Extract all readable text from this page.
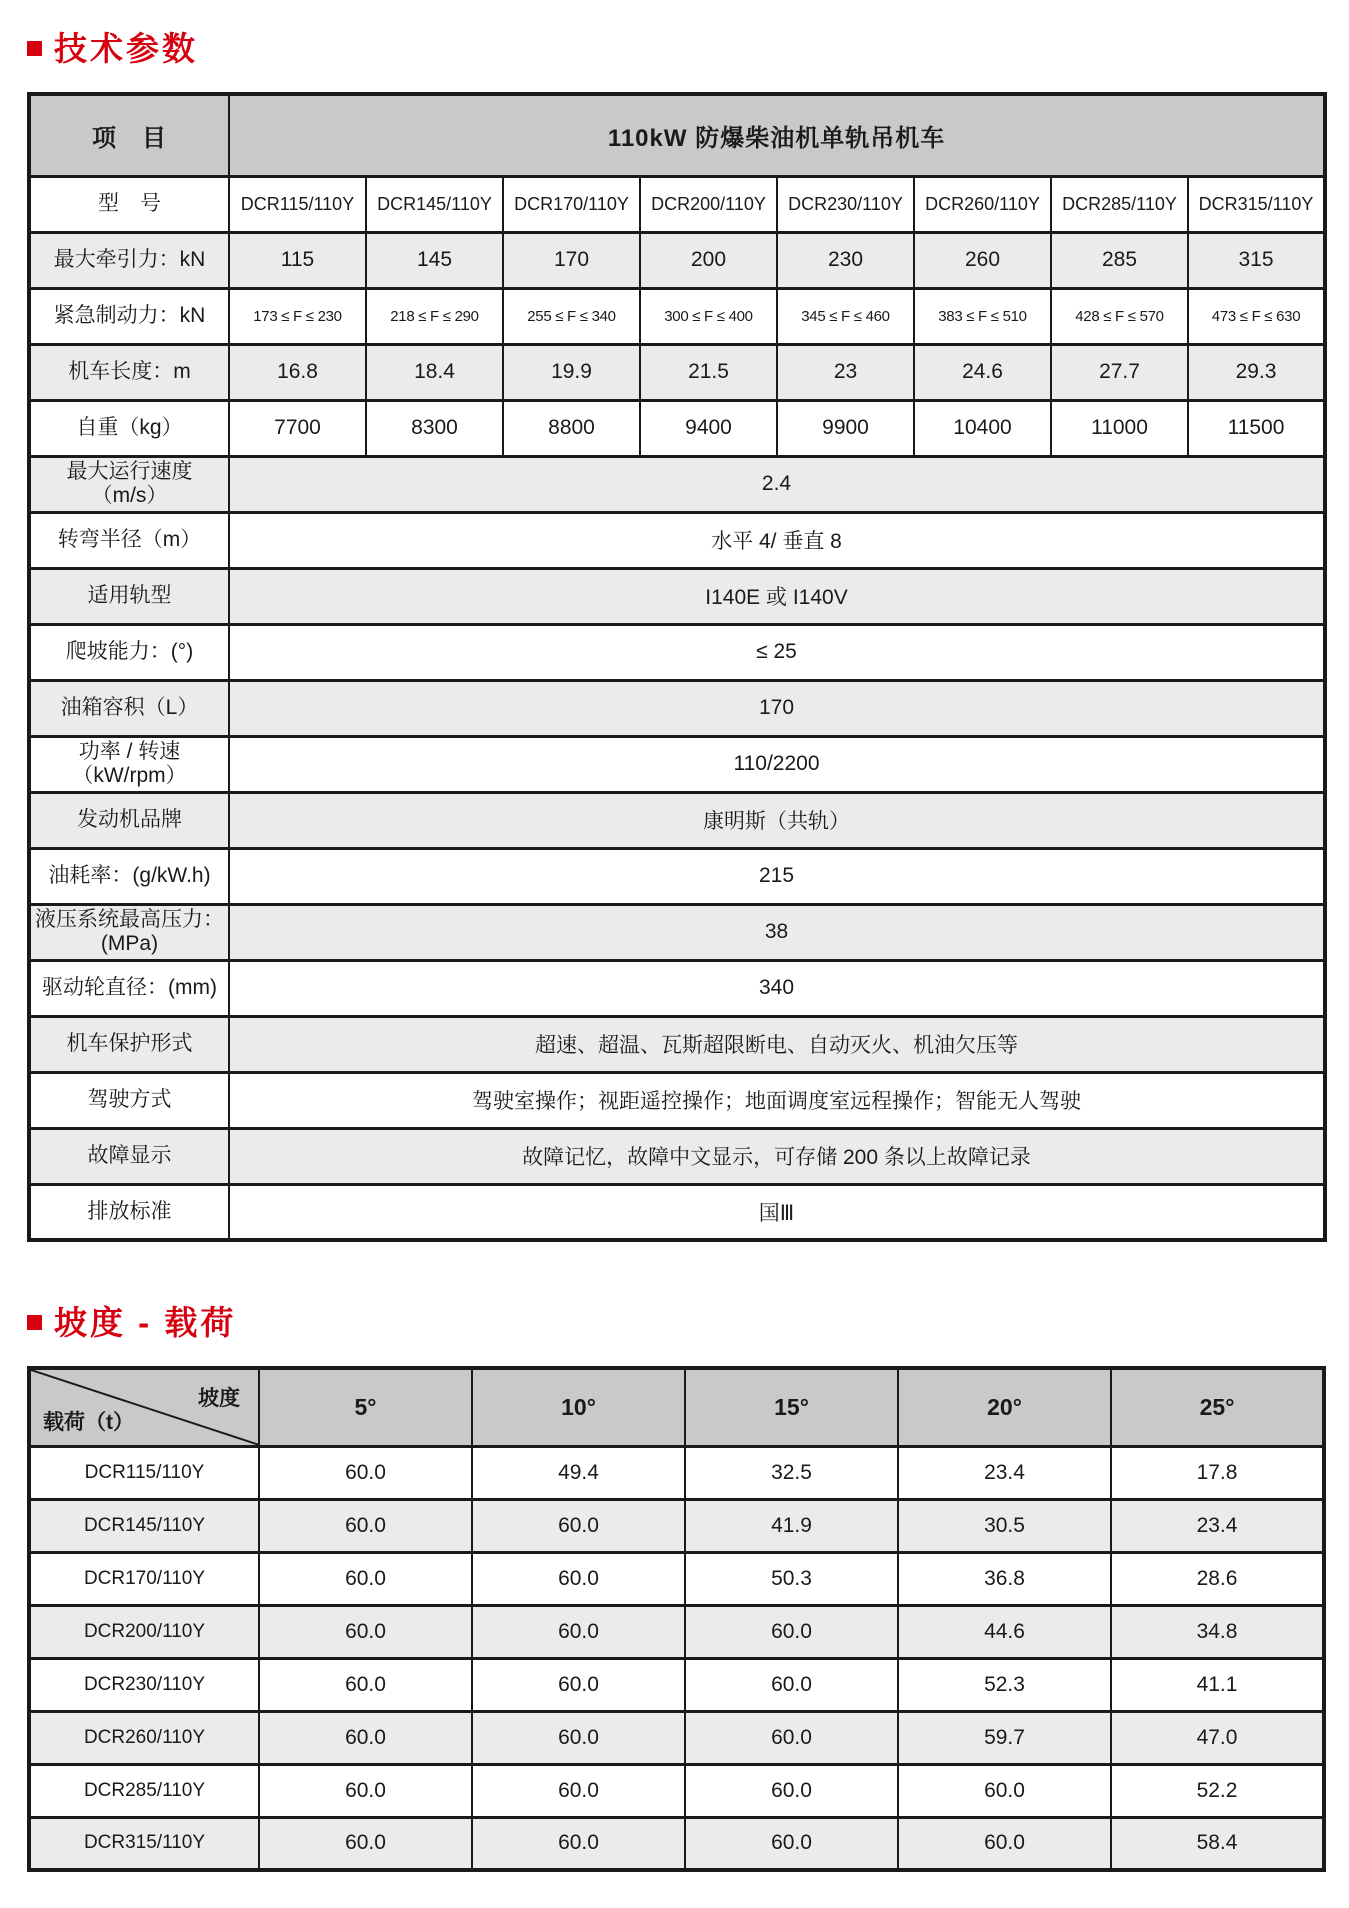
技术参数
项　目	110kW 防爆柴油机单轨吊机车							
型　号	DCR115/110Y	DCR145/110Y	DCR170/110Y	DCR200/110Y	DCR230/110Y	DCR260/110Y	DCR285/110Y	DCR315/110Y
最大牵引力：kN	115	145	170	200	230	260	285	315
紧急制动力：kN	173 ≤ F ≤ 230	218 ≤ F ≤ 290	255 ≤ F ≤ 340	300 ≤ F ≤ 400	345 ≤ F ≤ 460	383 ≤ F ≤ 510	428 ≤ F ≤ 570	473 ≤ F ≤ 630
机车长度：m	16.8	18.4	19.9	21.5	23	24.6	27.7	29.3
自重（kg）	7700	8300	8800	9400	9900	10400	11000	11500
最大运行速度（m/s）	2.4							
转弯半径（m）	水平 4/ 垂直 8							
适用轨型	I140E 或 I140V							
爬坡能力：(°)	≤ 25							
油箱容积（L）	170							
功率 / 转速（kW/rpm）	110/2200							
发动机品牌	康明斯（共轨）							
油耗率：(g/kW.h)	215							
液压系统最高压力：
(MPa)	38							
驱动轮直径：(mm)	340							
机车保护形式	超速、超温、瓦斯超限断电、自动灭火、机油欠压等							
驾驶方式	驾驶室操作；视距遥控操作；地面调度室远程操作；智能无人驾驶							
故障显示	故障记忆，故障中文显示，可存储 200 条以上故障记录							
排放标准	国Ⅲ							
坡度 - 载荷
坡度
载荷（t）	5°	10°	15°	20°	25°
DCR115/110Y	60.0	49.4	32.5	23.4	17.8
DCR145/110Y	60.0	60.0	41.9	30.5	23.4
DCR170/110Y	60.0	60.0	50.3	36.8	28.6
DCR200/110Y	60.0	60.0	60.0	44.6	34.8
DCR230/110Y	60.0	60.0	60.0	52.3	41.1
DCR260/110Y	60.0	60.0	60.0	59.7	47.0
DCR285/110Y	60.0	60.0	60.0	60.0	52.2
DCR315/110Y	60.0	60.0	60.0	60.0	58.4
